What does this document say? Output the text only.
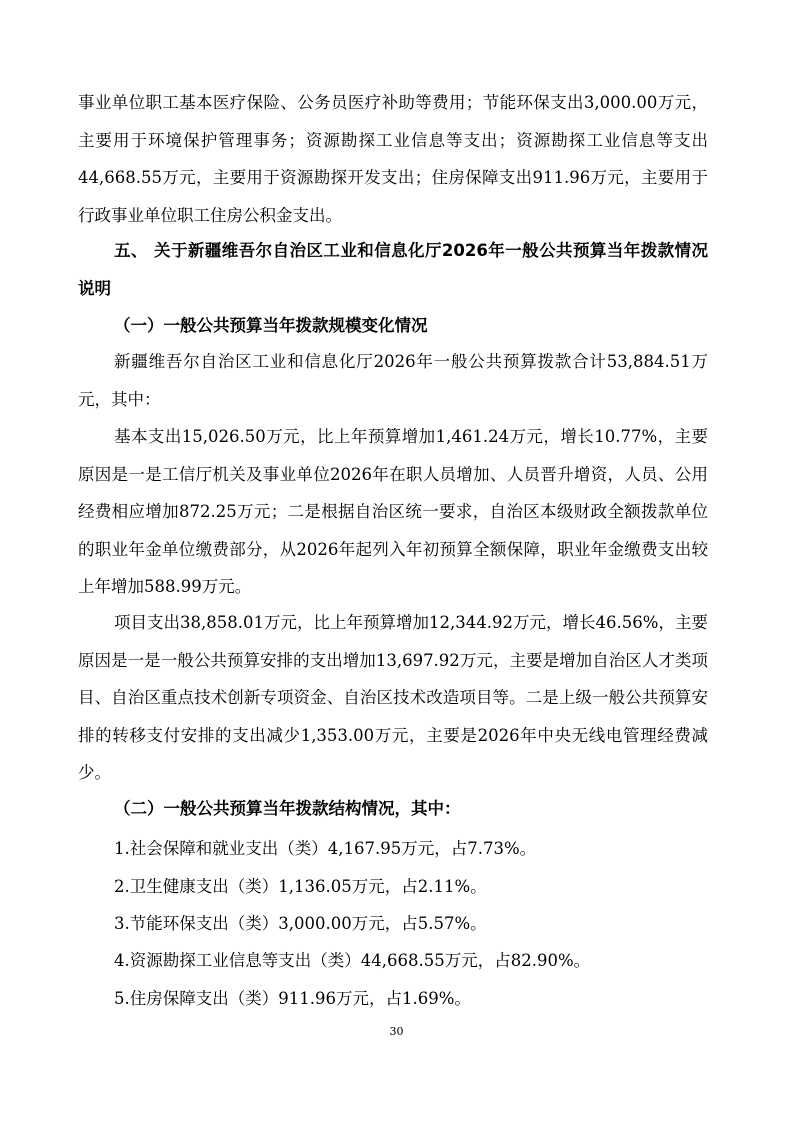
事业单位职工基本医疗保险、公务员医疗补助等费用；节能环保支出3,000.00万元，主要用于环境保护管理事务；资源勘探工业信息等支出；资源勘探工业信息等支出44,668.55万元，主要用于资源勘探开发支出；住房保障支出911.96万元，主要用于行政事业单位职工住房公积金支出。

五、 关于新疆维吾尔自治区工业和信息化厅2026年一般公共预算当年拨款情况说明

（一）一般公共预算当年拨款规模变化情况

新疆维吾尔自治区工业和信息化厅2026年一般公共预算拨款合计53,884.51万元，其中：

基本支出15,026.50万元，比上年预算增加1,461.24万元，增长10.77%，主要原因是一是工信厅机关及事业单位2026年在职人员增加、人员晋升增资，人员、公用经费相应增加872.25万元；二是根据自治区统一要求，自治区本级财政全额拨款单位的职业年金单位缴费部分，从2026年起列入年初预算全额保障，职业年金缴费支出较上年增加588.99万元。

项目支出38,858.01万元，比上年预算增加12,344.92万元，增长46.56%，主要原因是一是一般公共预算安排的支出增加13,697.92万元，主要是增加自治区人才类项目、自治区重点技术创新专项资金、自治区技术改造项目等。二是上级一般公共预算安排的转移支付安排的支出减少1,353.00万元，主要是2026年中央无线电管理经费减少。

（二）一般公共预算当年拨款结构情况，其中：

1.社会保障和就业支出（类）4,167.95万元，占7.73%。

2.卫生健康支出（类）1,136.05万元，占2.11%。

3.节能环保支出（类）3,000.00万元，占5.57%。

4.资源勘探工业信息等支出（类）44,668.55万元，占82.90%。

5.住房保障支出（类）911.96万元，占1.69%。

30
